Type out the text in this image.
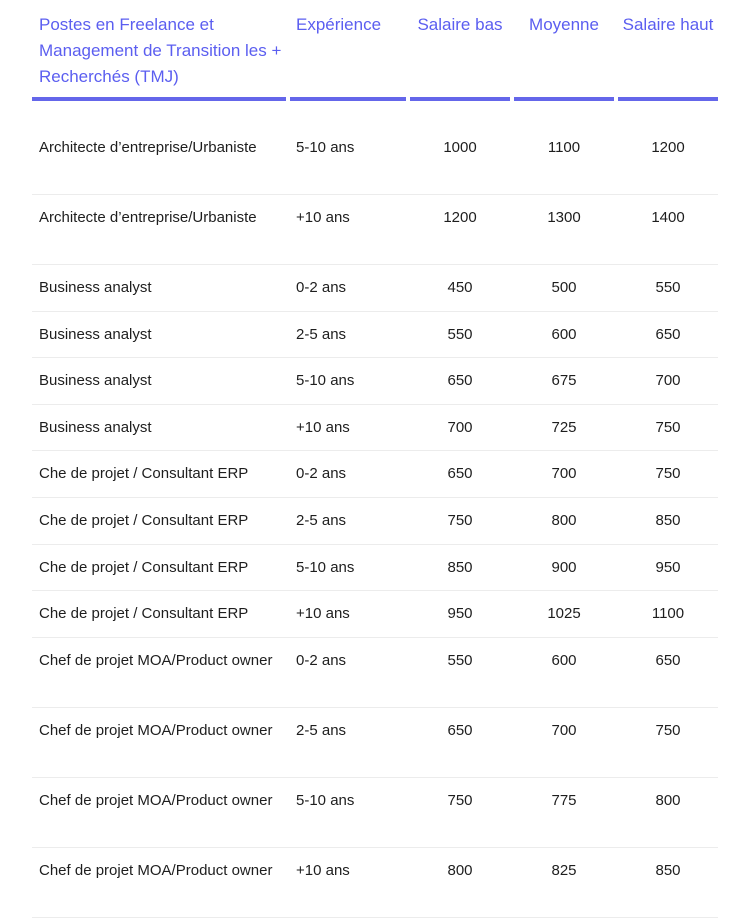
Postes en Freelance et Management de Transition les + Recherchés (TMJ)
Expérience	Salaire bas	Moyenne	Salaire haut
Architecte d’entreprise/Urbaniste	5-10 ans	1000	1100	1200
Architecte d’entreprise/Urbaniste	+10 ans	1200	1300	1400
Business analyst	0-2 ans	450	500	550
Business analyst	2-5 ans	550	600	650
Business analyst	5-10 ans	650	675	700
Business analyst	+10 ans	700	725	750
Che de projet / Consultant ERP	0-2 ans	650	700	750
Che de projet / Consultant ERP	2-5 ans	750	800	850
Che de projet / Consultant ERP	5-10 ans	850	900	950
Che de projet / Consultant ERP	+10 ans	950	1025	1100
Chef de projet MOA/Product owner	0-2 ans	550	600	650
Chef de projet MOA/Product owner	2-5 ans	650	700	750
Chef de projet MOA/Product owner	5-10 ans	750	775	800
Chef de projet MOA/Product owner	+10 ans	800	825	850
